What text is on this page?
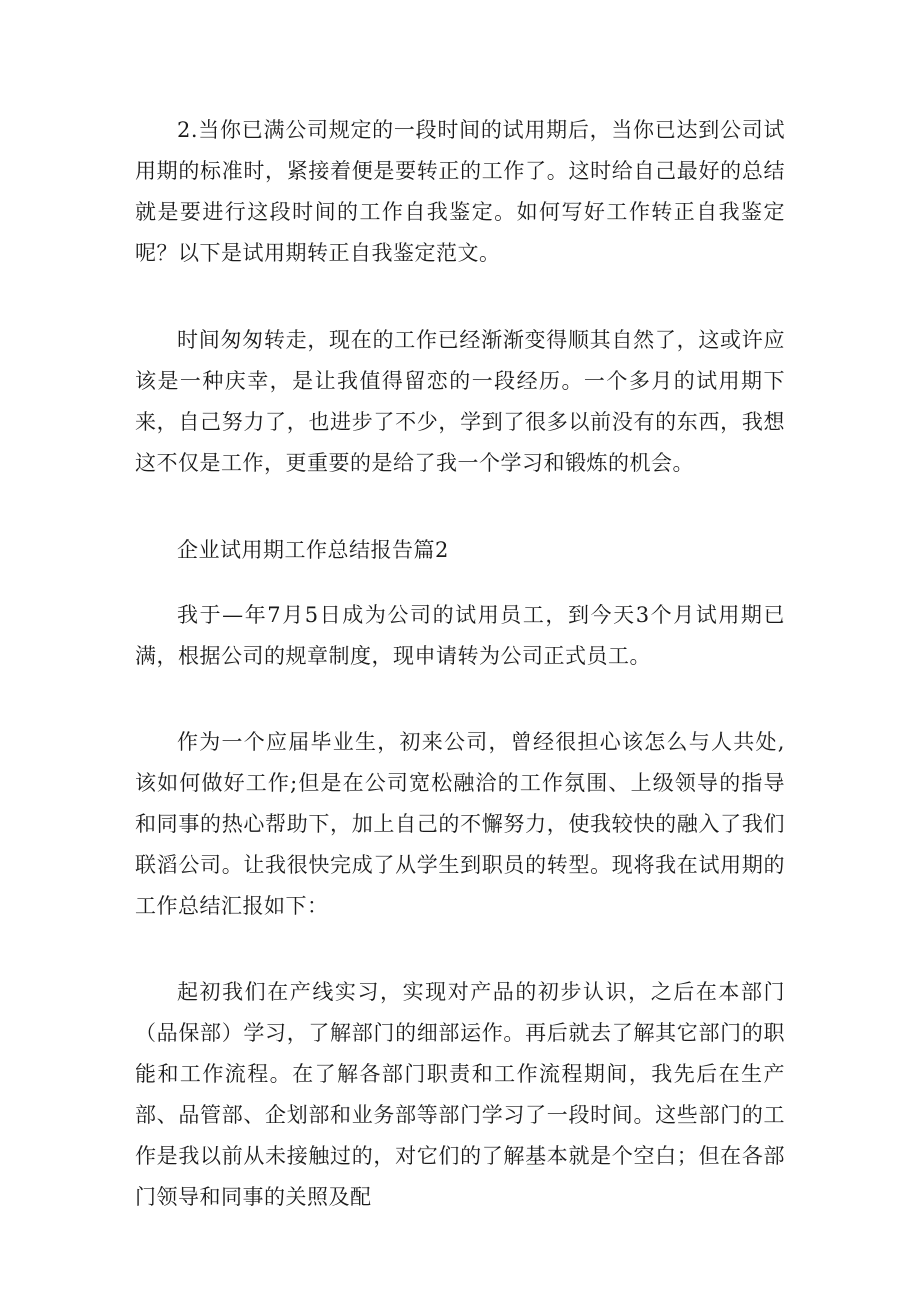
2.当你已满公司规定的一段时间的试用期后，当你已达到公司试用期的标准时，紧接着便是要转正的工作了。这时给自己最好的总结就是要进行这段时间的工作自我鉴定。如何写好工作转正自我鉴定呢？以下是试用期转正自我鉴定范文。

时间匆匆转走，现在的工作已经渐渐变得顺其自然了，这或许应该是一种庆幸，是让我值得留恋的一段经历。一个多月的试用期下来，自己努力了，也进步了不少，学到了很多以前没有的东西，我想这不仅是工作，更重要的是给了我一个学习和锻炼的机会。

企业试用期工作总结报告篇2

我于—年7月5日成为公司的试用员工，到今天3个月试用期已满，根据公司的规章制度，现申请转为公司正式员工。

作为一个应届毕业生，初来公司，曾经很担心该怎么与人共处,该如何做好工作;但是在公司宽松融洽的工作氛围、上级领导的指导和同事的热心帮助下，加上自己的不懈努力，使我较快的融入了我们联滔公司。让我很快完成了从学生到职员的转型。现将我在试用期的工作总结汇报如下：

起初我们在产线实习，实现对产品的初步认识，之后在本部门（品保部）学习，了解部门的细部运作。再后就去了解其它部门的职能和工作流程。在了解各部门职责和工作流程期间，我先后在生产部、品管部、企划部和业务部等部门学习了一段时间。这些部门的工作是我以前从未接触过的，对它们的了解基本就是个空白；但在各部门领导和同事的关照及配
